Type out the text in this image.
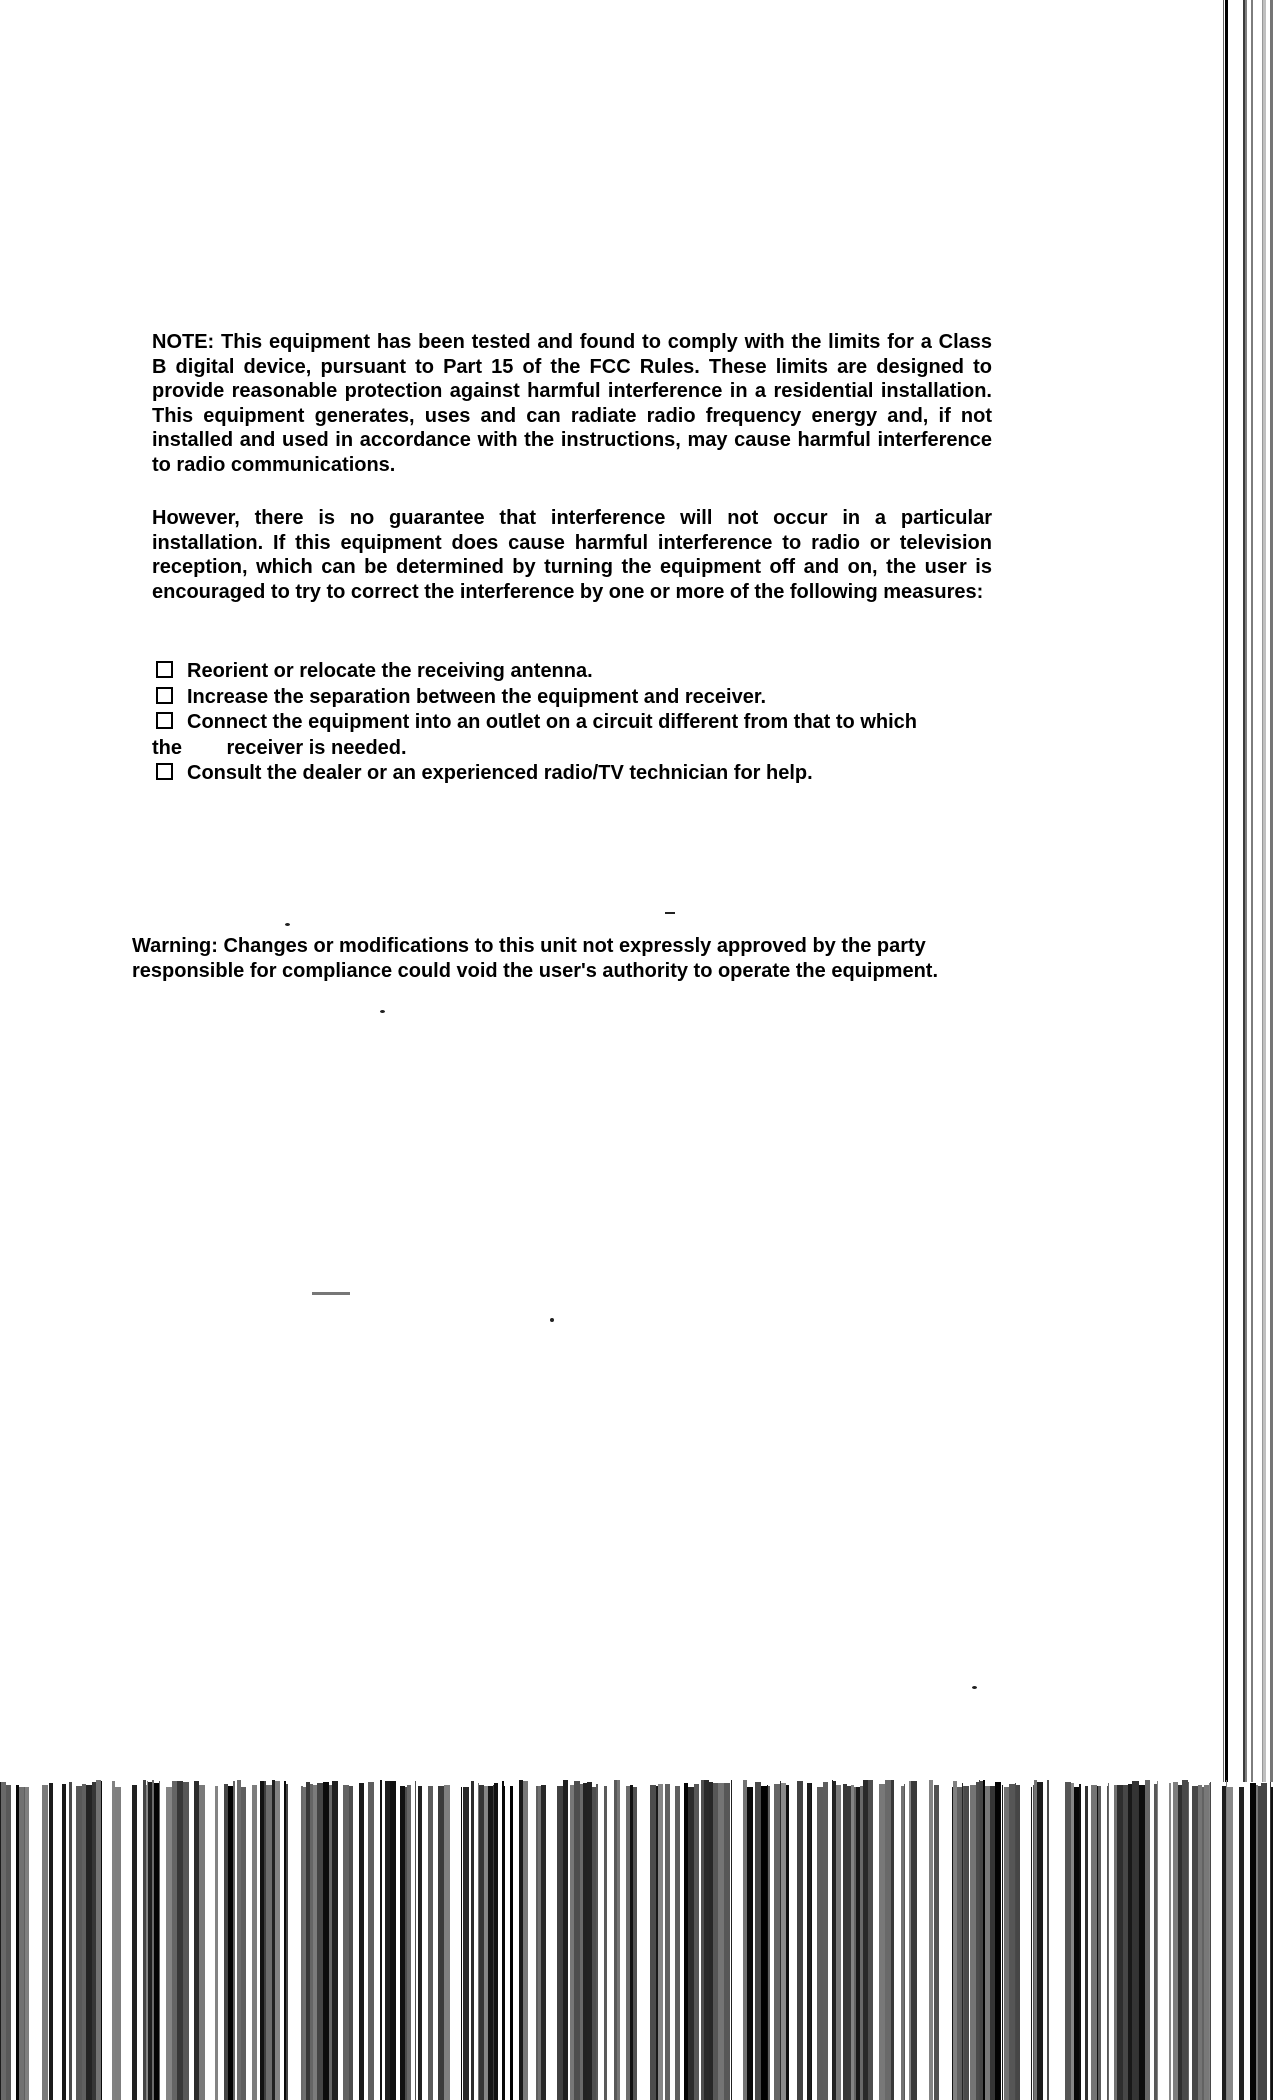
NOTE: This equipment has been tested and found to comply with the limits for a Class B digital device, pursuant to Part 15 of the FCC Rules. These limits are designed to provide reasonable protection against harmful interference in a residential installation. This equipment generates, uses and can radiate radio frequency energy and, if not installed and used in accordance with the instructions, may cause harmful interference to radio communications.

However, there is no guarantee that interference will not occur in a particular installation. If this equipment does cause harmful interference to radio or television reception, which can be determined by turning the equipment off and on, the user is encouraged to try to correct the interference by one or more of the following measures:

Reorient or relocate the receiving antenna.
Increase the separation between the equipment and receiver.
Connect the equipment into an outlet on a circuit different from that to which the        receiver is needed.
Consult the dealer or an experienced radio/TV technician for help.

Warning: Changes or modifications to this unit not expressly approved by the party responsible for compliance could void the user's authority to operate the equipment.
